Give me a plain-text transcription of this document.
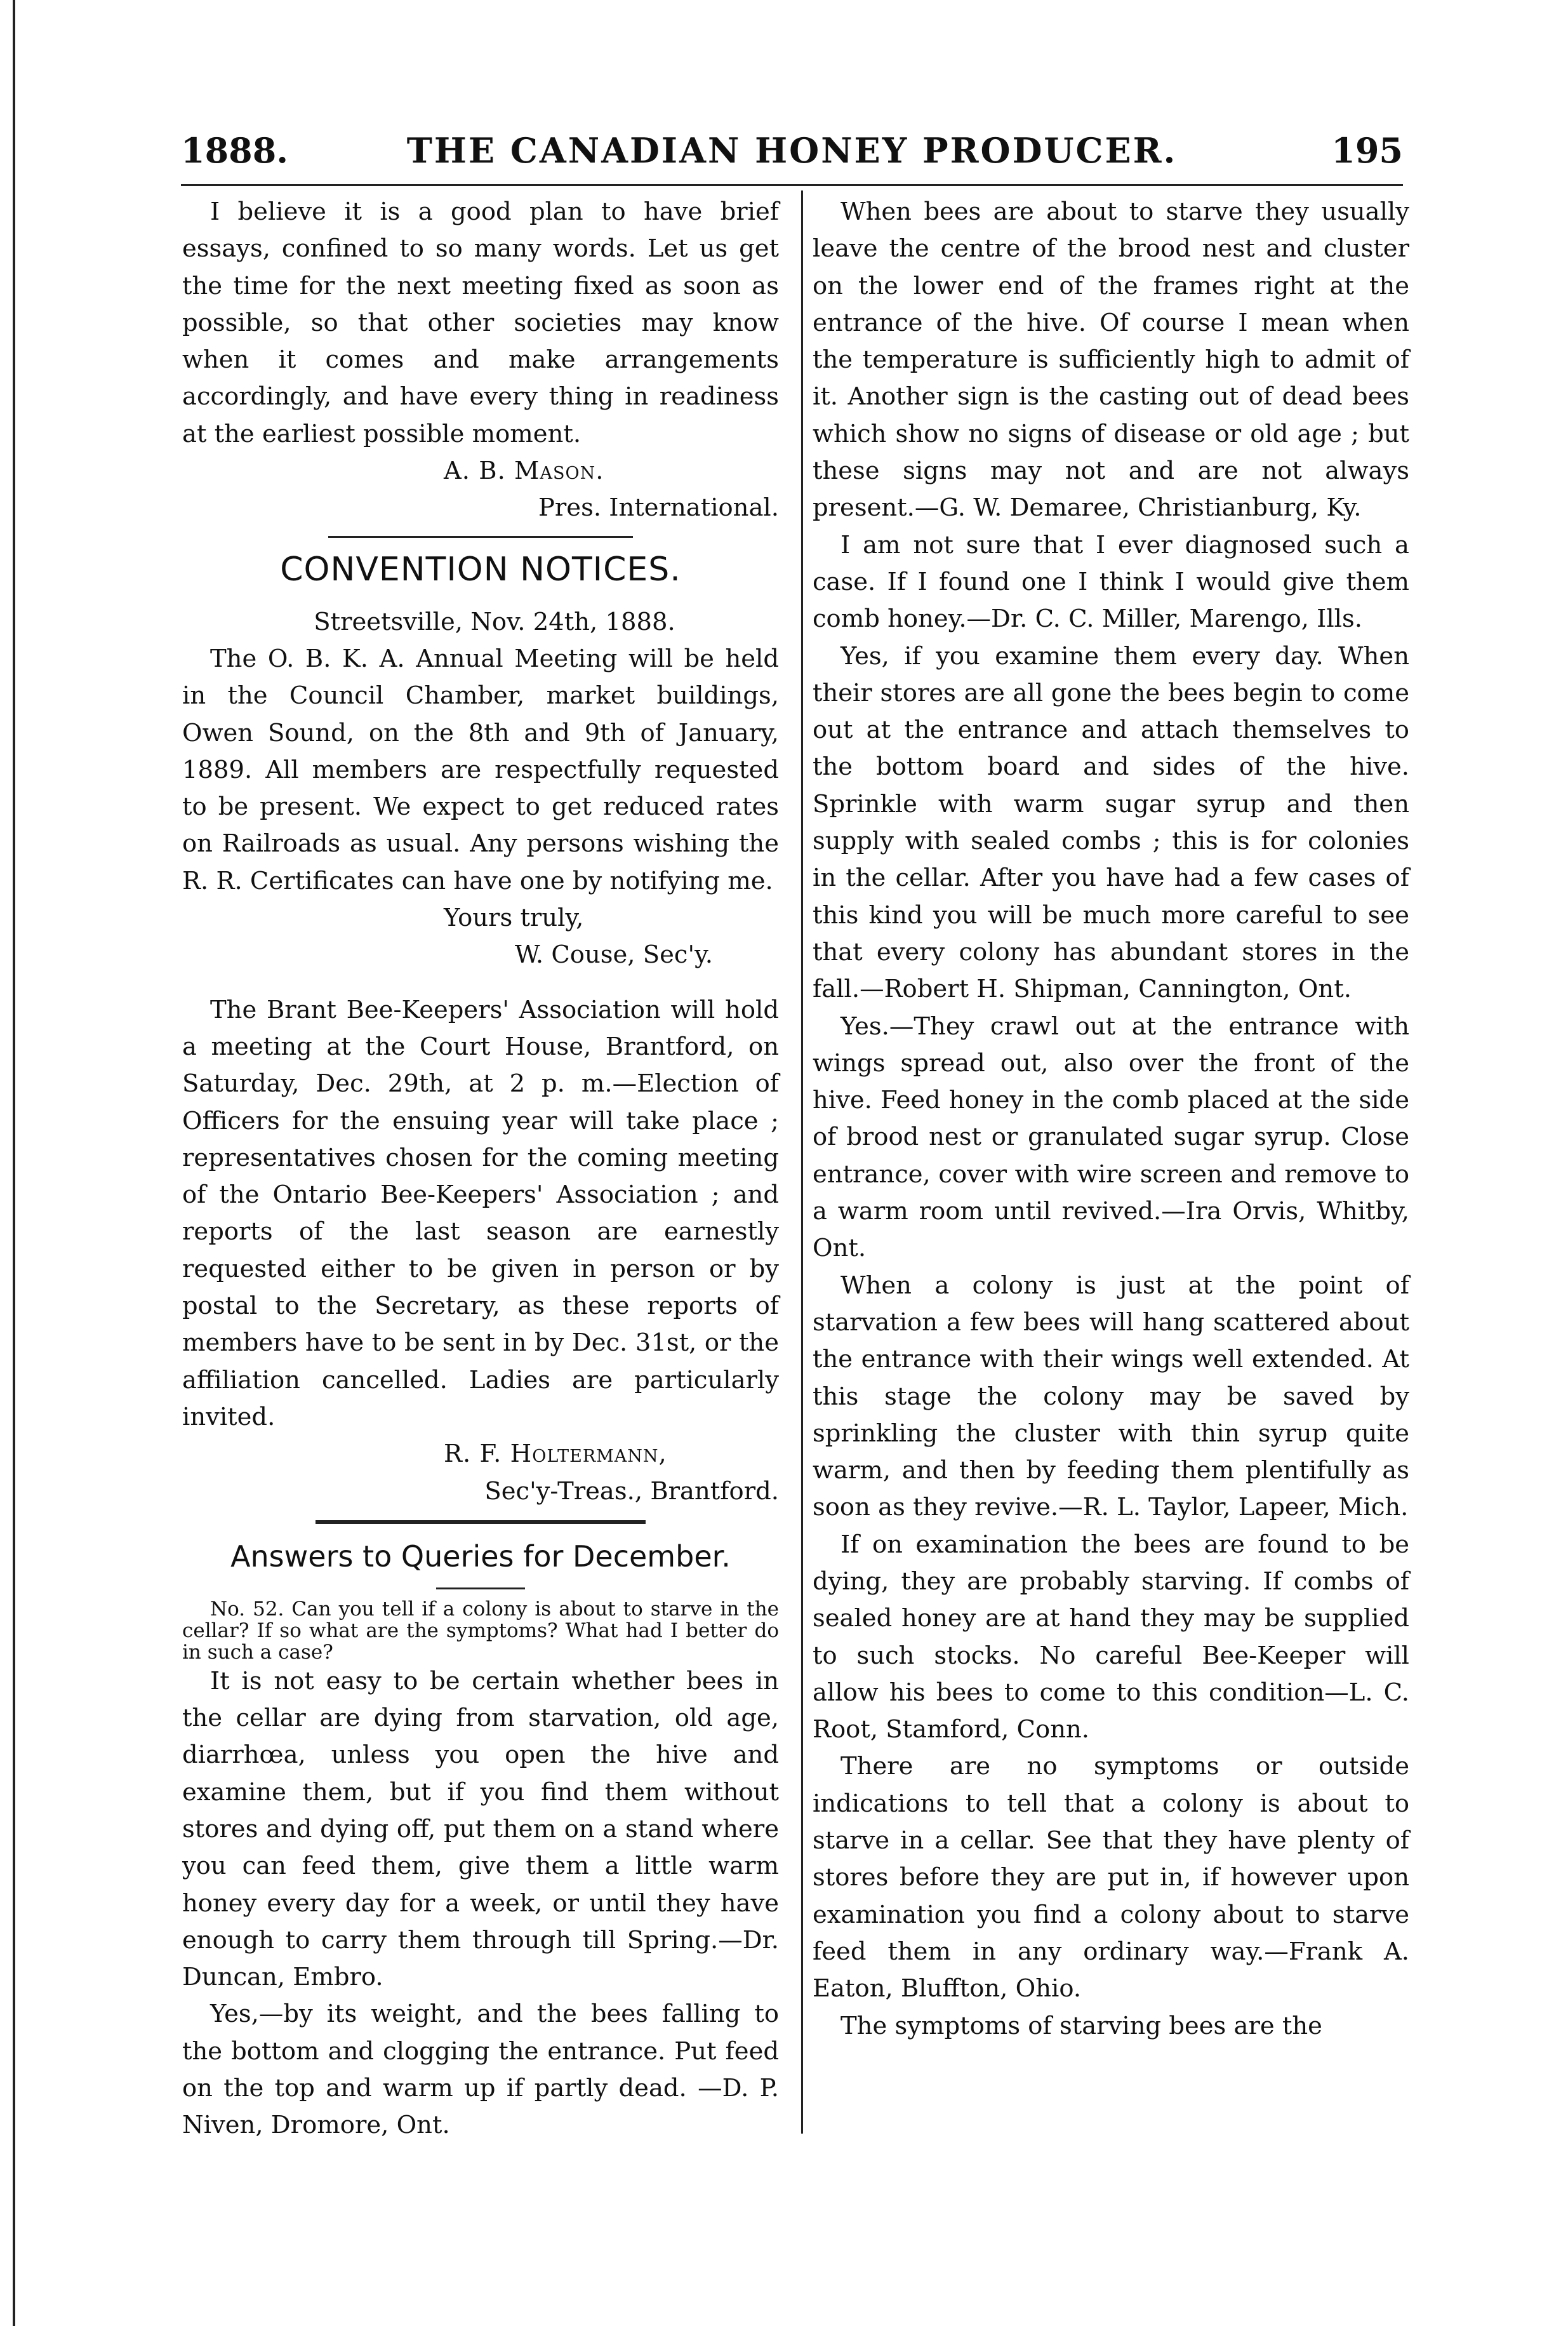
1888.	THE CANADIAN HONEY PRODUCER.	195

I believe it is a good plan to have brief essays, confined to so many words. Let us get the time for the next meeting fixed as soon as possible, so that other societies may know when it comes and make arrangements accordingly, and have every thing in readiness at the earliest possible moment.

A. B. Mason.

Pres. International.

CONVENTION NOTICES.

Streetsville, Nov. 24th, 1888.

The O. B. K. A. Annual Meeting will be held in the Council Chamber, market buildings, Owen Sound, on the 8th and 9th of January, 1889. All members are respectfully requested to be present. We expect to get reduced rates on Railroads as usual. Any persons wishing the R. R. Certificates can have one by notifying me.

Yours truly,

W. Couse, Sec'y.

The Brant Bee-Keepers' Association will hold a meeting at the Court House, Brantford, on Saturday, Dec. 29th, at 2 p. m.—Election of Officers for the ensuing year will take place ; representatives chosen for the coming meeting of the Ontario Bee-Keepers' Association ; and reports of the last season are earnestly requested either to be given in person or by postal to the Secretary, as these reports of members have to be sent in by Dec. 31st, or the affiliation cancelled. Ladies are particularly invited.

R. F. Holtermann,

Sec'y-Treas., Brantford.

Answers to Queries for December.

No. 52. Can you tell if a colony is about to starve in the cellar? If so what are the symptoms? What had I better do in such a case?

It is not easy to be certain whether bees in the cellar are dying from starvation, old age, diarrhœa, unless you open the hive and examine them, but if you find them without stores and dying off, put them on a stand where you can feed them, give them a little warm honey every day for a week, or until they have enough to carry them through till Spring.—Dr. Duncan, Embro.

Yes,—by its weight, and the bees falling to the bottom and clogging the entrance. Put feed on the top and warm up if partly dead. —D. P. Niven, Dromore, Ont.

When bees are about to starve they usually leave the centre of the brood nest and cluster on the lower end of the frames right at the entrance of the hive. Of course I mean when the temperature is sufficiently high to admit of it. Another sign is the casting out of dead bees which show no signs of disease or old age ; but these signs may not and are not always present.—G. W. Demaree, Christianburg, Ky.

I am not sure that I ever diagnosed such a case. If I found one I think I would give them comb honey.—Dr. C. C. Miller, Marengo, Ills.

Yes, if you examine them every day. When their stores are all gone the bees begin to come out at the entrance and attach themselves to the bottom board and sides of the hive. Sprinkle with warm sugar syrup and then supply with sealed combs ; this is for colonies in the cellar. After you have had a few cases of this kind you will be much more careful to see that every colony has abundant stores in the fall.—Robert H. Shipman, Cannington, Ont.

Yes.—They crawl out at the entrance with wings spread out, also over the front of the hive. Feed honey in the comb placed at the side of brood nest or granulated sugar syrup. Close entrance, cover with wire screen and remove to a warm room until revived.—Ira Orvis, Whitby, Ont.

When a colony is just at the point of starvation a few bees will hang scattered about the entrance with their wings well extended. At this stage the colony may be saved by sprinkling the cluster with thin syrup quite warm, and then by feeding them plentifully as soon as they revive.—R. L. Taylor, Lapeer, Mich.

If on examination the bees are found to be dying, they are probably starving. If combs of sealed honey are at hand they may be supplied to such stocks. No careful Bee-Keeper will allow his bees to come to this condition—L. C. Root, Stamford, Conn.

There are no symptoms or outside indications to tell that a colony is about to starve in a cellar. See that they have plenty of stores before they are put in, if however upon examination you find a colony about to starve feed them in any ordinary way.—Frank A. Eaton, Bluffton, Ohio.

The symptoms of starving bees are the
